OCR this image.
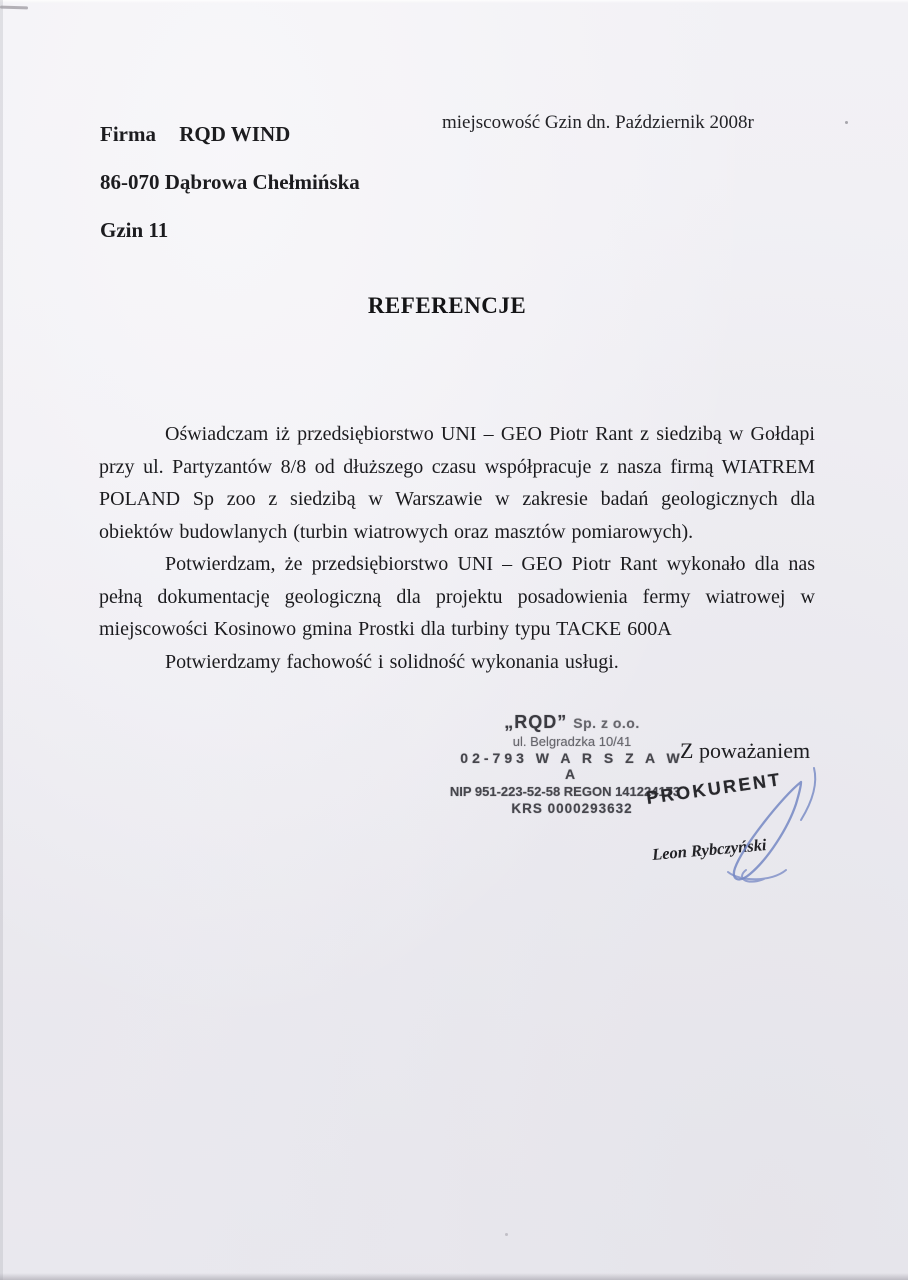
Firma RQD WIND
86-070 Dąbrowa Chełmińska
Gzin 11
miejscowość Gzin dn. Październik 2008r
REFERENCJE

Oświadczam iż przedsiębiorstwo UNI – GEO Piotr Rant z siedzibą w Gołdapi przy ul. Partyzantów 8/8 od dłuższego czasu współpracuje z nasza firmą WIATREM POLAND Sp zoo z siedzibą w Warszawie w zakresie badań geologicznych dla obiektów budowlanych (turbin wiatrowych oraz masztów pomiarowych).

Potwierdzam, że przedsiębiorstwo UNI – GEO Piotr Rant wykonało dla nas pełną dokumentację geologiczną dla projektu posadowienia fermy wiatrowej w miejscowości Kosinowo gmina Prostki dla turbiny typu TACKE 600A

Potwierdzamy fachowość i solidność wykonania usługi.

„RQD” Sp. z o.o.
ul. Belgradzka 10/41
02-793 W A R S Z A W A
NIP 951-223-52-58 REGON 141224173
KRS 0000293632
Z poważaniem
PROKURENT
Leon Rybczyński
